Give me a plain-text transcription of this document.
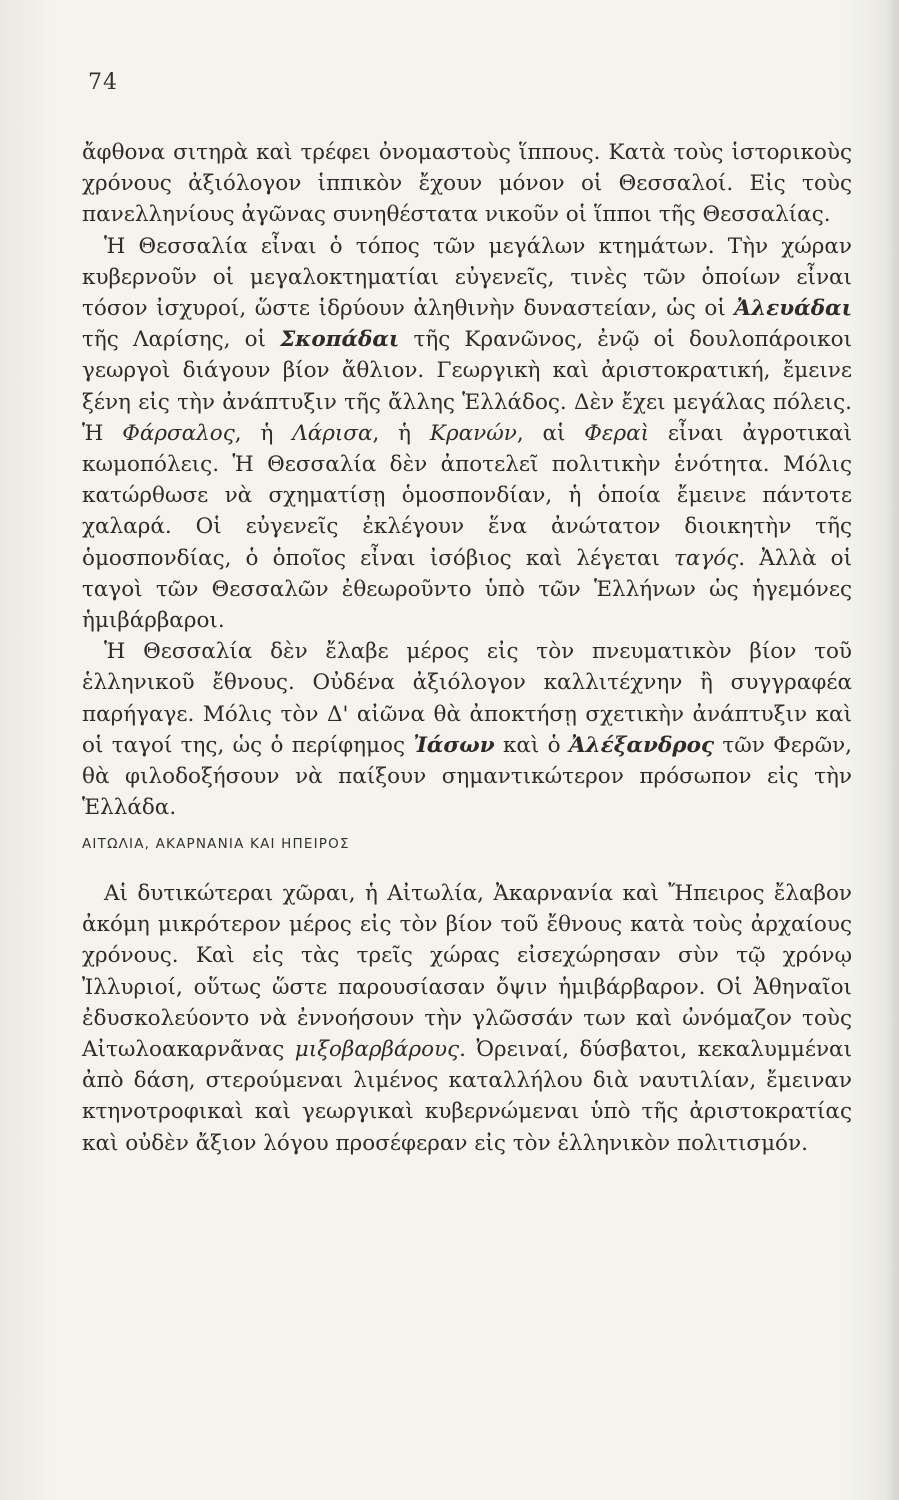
74

ἄφθονα σιτηρὰ καὶ τρέφει ὀνομαστοὺς ἵππους. Κατὰ τοὺς ἱστορικοὺς χρόνους ἀξιόλογον ἱππικὸν ἔχουν μόνον οἱ Θεσσαλοί. Εἰς τοὺς πανελληνίους ἀγῶνας συνηθέστατα νικοῦν οἱ ἵπποι τῆς Θεσσαλίας.

Ἡ Θεσσαλία εἶναι ὁ τόπος τῶν μεγάλων κτημάτων. Τὴν χώραν κυβερνοῦν οἱ μεγαλοκτηματίαι εὐγενεῖς, τινὲς τῶν ὁποίων εἶναι τόσον ἰσχυροί, ὥστε ἱδρύουν ἀληθινὴν δυναστείαν, ὡς οἱ Ἀλευάδαι τῆς Λαρίσης, οἱ Σκοπάδαι τῆς Κρανῶνος, ἐνῷ οἱ δουλοπάροικοι γεωργοὶ διάγουν βίον ἄθλιον. Γεωργικὴ καὶ ἀριστοκρατική, ἔμεινε ξένη εἰς τὴν ἀνάπτυξιν τῆς ἄλλης Ἑλλάδος. Δὲν ἔχει μεγάλας πόλεις. Ἡ Φάρσαλος, ἡ Λάρισα, ἡ Κρανών, αἱ Φεραὶ εἶναι ἀγροτικαὶ κωμοπόλεις. Ἡ Θεσσαλία δὲν ἀποτελεῖ πολιτικὴν ἑνότητα. Μόλις κατώρθωσε νὰ σχηματίσῃ ὁμοσπονδίαν, ἡ ὁποία ἔμεινε πάντοτε χαλαρά. Οἱ εὐγενεῖς ἐκλέγουν ἕνα ἀνώτατον διοικητὴν τῆς ὁμοσπονδίας, ὁ ὁποῖος εἶναι ἰσόβιος καὶ λέγεται ταγός. Ἀλλὰ οἱ ταγοὶ τῶν Θεσσαλῶν ἐθεωροῦντο ὑπὸ τῶν Ἑλλήνων ὡς ἡγεμόνες ἡμιβάρβαροι.

Ἡ Θεσσαλία δὲν ἔλαβε μέρος εἰς τὸν πνευματικὸν βίον τοῦ ἑλληνικοῦ ἔθνους. Οὐδένα ἀξιόλογον καλλιτέχνην ἢ συγγραφέα παρήγαγε. Μόλις τὸν Δ' αἰῶνα θὰ ἀποκτήσῃ σχετικὴν ἀνάπτυξιν καὶ οἱ ταγοί της, ὡς ὁ περίφημος Ἰάσων καὶ ὁ Ἀλέξανδρος τῶν Φερῶν, θὰ φιλοδοξήσουν νὰ παίξουν σημαντικώτερον πρόσωπον εἰς τὴν Ἑλλάδα.

ΑΙΤΩΛΙΑ, ΑΚΑΡΝΑΝΙΑ ΚΑΙ ΗΠΕΙΡΟΣ

Αἱ δυτικώτεραι χῶραι, ἡ Αἰτωλία, Ἀκαρνανία καὶ Ἤπειρος ἔλαβον ἀκόμη μικρότερον μέρος εἰς τὸν βίον τοῦ ἔθνους κατὰ τοὺς ἀρχαίους χρόνους. Καὶ εἰς τὰς τρεῖς χώρας εἰσεχώρησαν σὺν τῷ χρόνῳ Ἰλλυριοί, οὕτως ὥστε παρουσίασαν ὄψιν ἡμιβάρβαρον. Οἱ Ἀθηναῖοι ἐδυσκολεύοντο νὰ ἐννοήσουν τὴν γλῶσσάν των καὶ ὠνόμαζον τοὺς Αἰτωλοακαρνᾶνας μιξοβαρβάρους. Ὀρειναί, δύσβατοι, κεκαλυμμέναι ἀπὸ δάση, στερούμεναι λιμένος καταλλήλου διὰ ναυτιλίαν, ἔμειναν κτηνοτροφικαὶ καὶ γεωργικαὶ κυβερνώμεναι ὑπὸ τῆς ἀριστοκρατίας καὶ οὐδὲν ἄξιον λόγου προσέφεραν εἰς τὸν ἑλληνικὸν πολιτισμόν.
